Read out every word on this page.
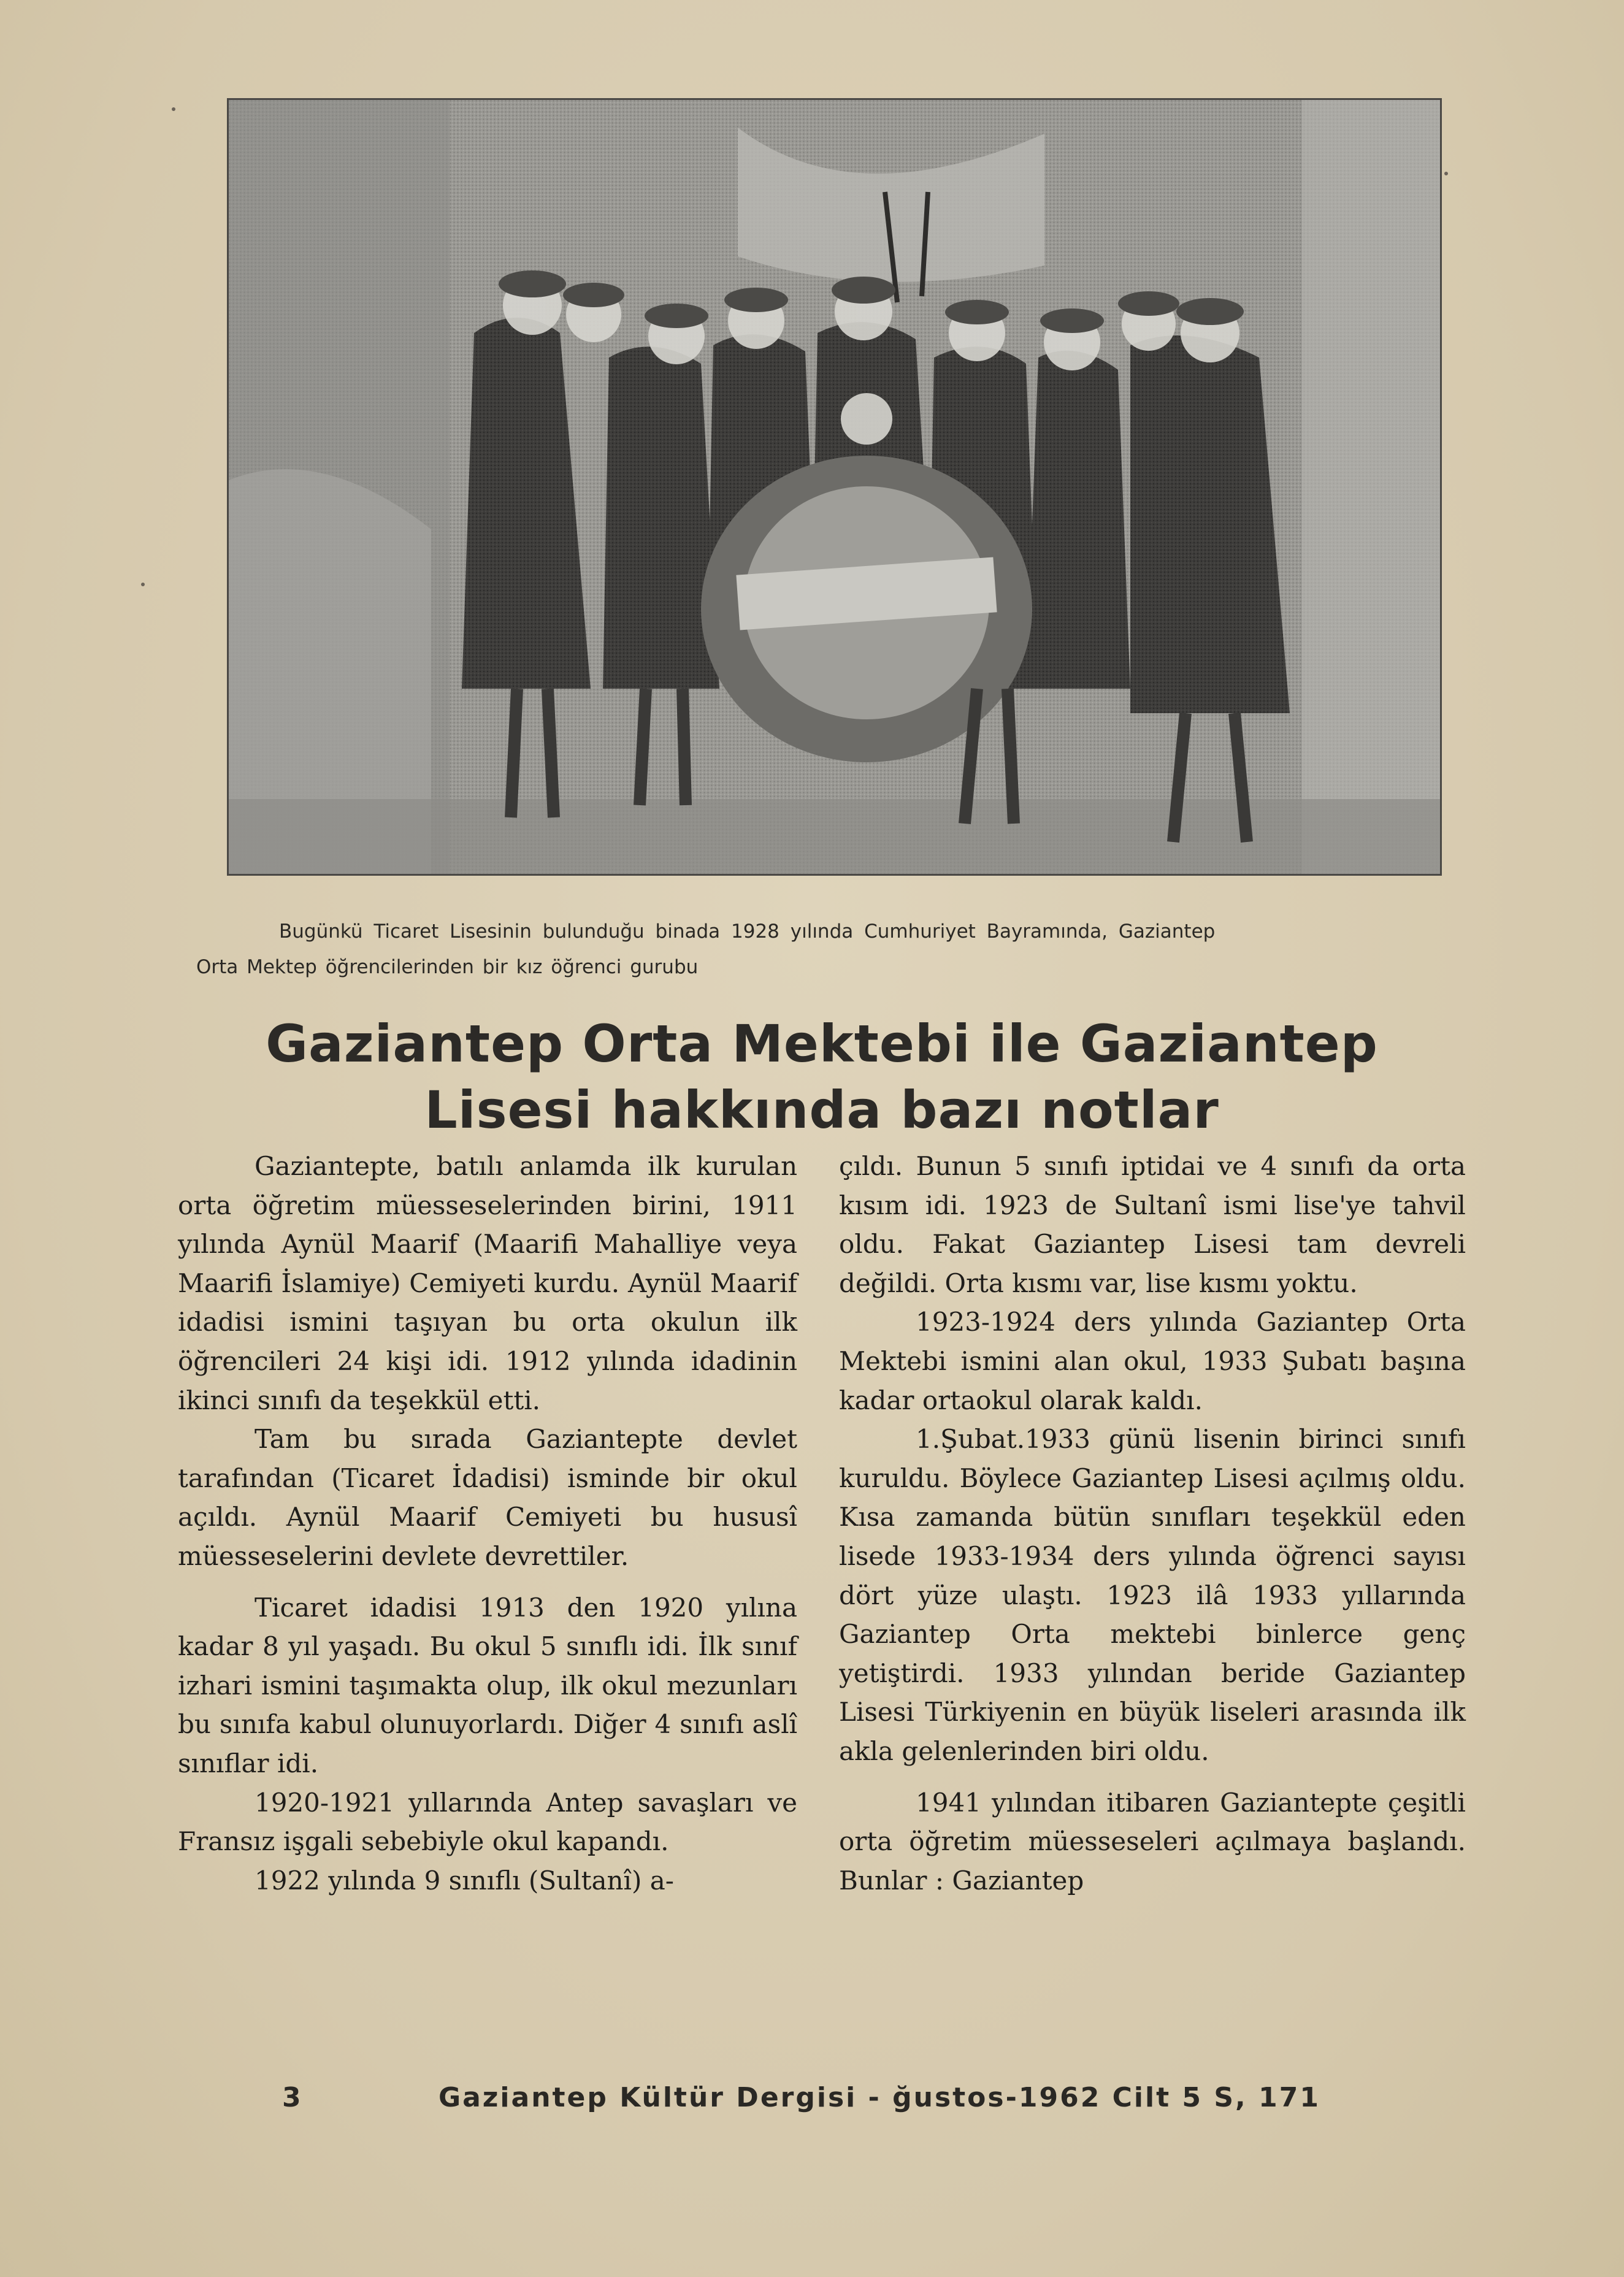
Bugünkü Ticaret Lisesinin bulunduğu binada 1928 yılında Cumhuriyet Bayramında, Gaziantep
Orta Mektep öğrencilerinden bir kız öğrenci gurubu
Gaziantep Orta Mektebi ile Gaziantep
Lisesi hakkında bazı notlar

Gaziantepte, batılı anlamda ilk kurulan orta öğretim müesseselerinden birini, 1911 yılında Aynül Maarif (Maarifi Mahalliye veya Maarifi İslamiye) Cemiyeti kurdu. Aynül Maarif idadisi ismini taşıyan bu orta okulun ilk öğrencileri 24 kişi idi. 1912 yılında idadinin ikinci sınıfı da teşekkül etti.

Tam bu sırada Gaziantepte devlet tarafından (Ticaret İdadisi) isminde bir okul açıldı. Aynül Maarif Cemiyeti bu hususî müesseselerini devlete devrettiler.

Ticaret idadisi 1913 den 1920 yılına kadar 8 yıl yaşadı. Bu okul 5 sınıflı idi. İlk sınıf izhari ismini taşımakta olup, ilk okul mezunları bu sınıfa kabul olunuyorlardı. Diğer 4 sınıfı aslî sınıflar idi.

1920-1921 yıllarında Antep savaşları ve Fransız işgali sebebiyle okul kapandı.

1922 yılında 9 sınıflı (Sultanî) a-

çıldı. Bunun 5 sınıfı iptidai ve 4 sınıfı da orta kısım idi. 1923 de Sultanî ismi lise'ye tahvil oldu. Fakat Gaziantep Lisesi tam devreli değildi. Orta kısmı var, lise kısmı yoktu.

1923-1924 ders yılında Gaziantep Orta Mektebi ismini alan okul, 1933 Şubatı başına kadar ortaokul olarak kaldı.

1.Şubat.1933 günü lisenin birinci sınıfı kuruldu. Böylece Gaziantep Lisesi açılmış oldu. Kısa zamanda bütün sınıfları teşekkül eden lisede 1933-1934 ders yılında öğrenci sayısı dört yüze ulaştı. 1923 ilâ 1933 yıllarında Gaziantep Orta mektebi binlerce genç yetiştirdi. 1933 yılından beride Gaziantep Lisesi Türkiyenin en büyük liseleri arasında ilk akla gelenlerinden biri oldu.

1941 yılından itibaren Gaziantepte çeşitli orta öğretim müesseseleri açılmaya başlandı. Bunlar : Gaziantep

3	Gaziantep Kültür Dergisi - ğustos-1962 Cilt 5 S, 171
